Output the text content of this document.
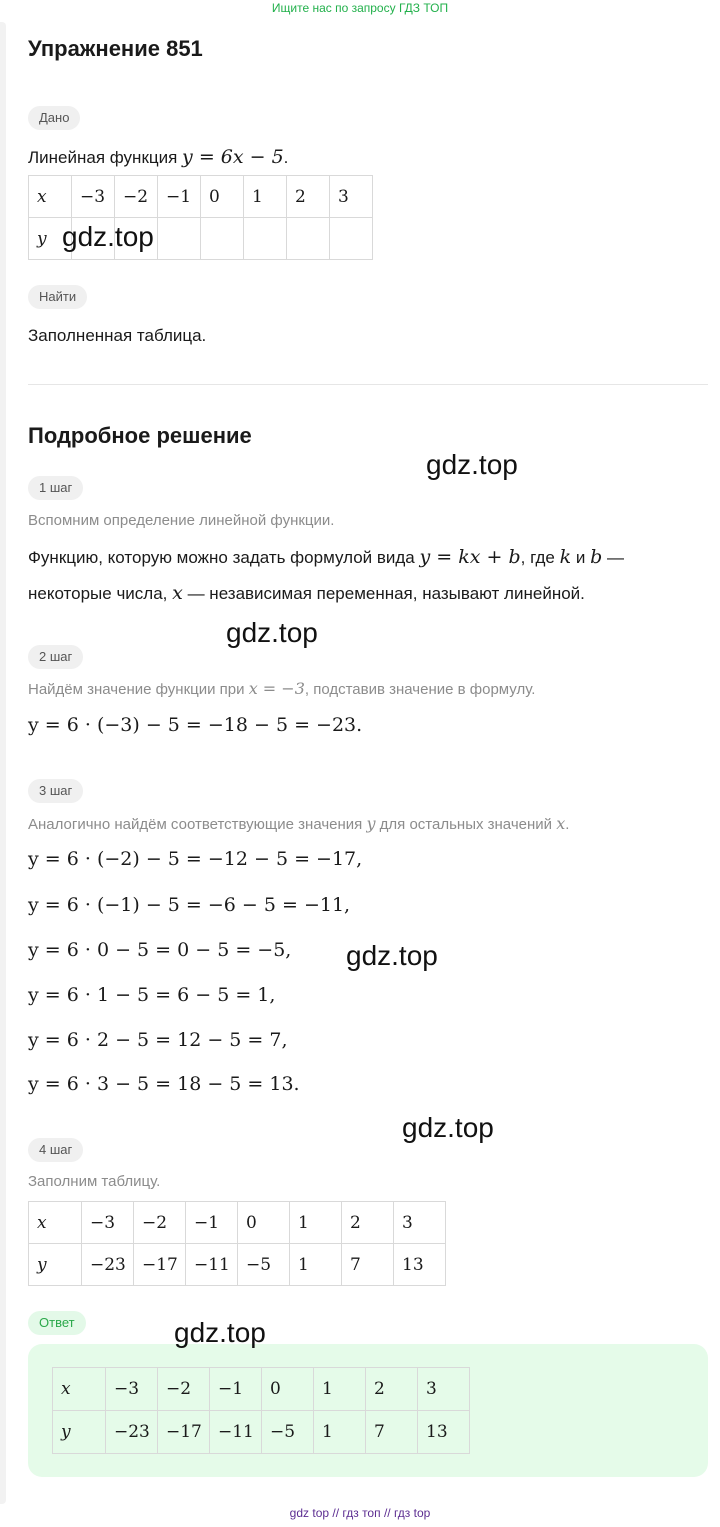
Ищите нас по запросу ГДЗ ТОП
Упражнение 851
Дано
Линейная функция y = 6x − 5.
x	−3	−2	−1	0	1	2	3
y							
Найти
Заполненная таблица.
Подробное решение
1 шаг
Вспомним определение линейной функции.
Функцию, которую можно задать формулой вида y = kx + b, где k и b —
некоторые числа, x — независимая переменная, называют линейной.
2 шаг
Найдём значение функции при x = −3, подставив значение в формулу.
y = 6 · (−3) − 5 = −18 − 5 = −23.
3 шаг
Аналогично найдём соответствующие значения y для остальных значений x.
y = 6 · (−2) − 5 = −12 − 5 = −17,
y = 6 · (−1) − 5 = −6 − 5 = −11,
y = 6 · 0 − 5 = 0 − 5 = −5,
y = 6 · 1 − 5 = 6 − 5 = 1,
y = 6 · 2 − 5 = 12 − 5 = 7,
y = 6 · 3 − 5 = 18 − 5 = 13.
4 шаг
Заполним таблицу.
x	−3	−2	−1	0	1	2	3
y	−23	−17	−11	−5	1	7	13
Ответ
x	−3	−2	−1	0	1	2	3
y	−23	−17	−11	−5	1	7	13
gdz.top
gdz.top
gdz.top
gdz.top
gdz.top
gdz.top
gdz top // гдз топ // гдз top
